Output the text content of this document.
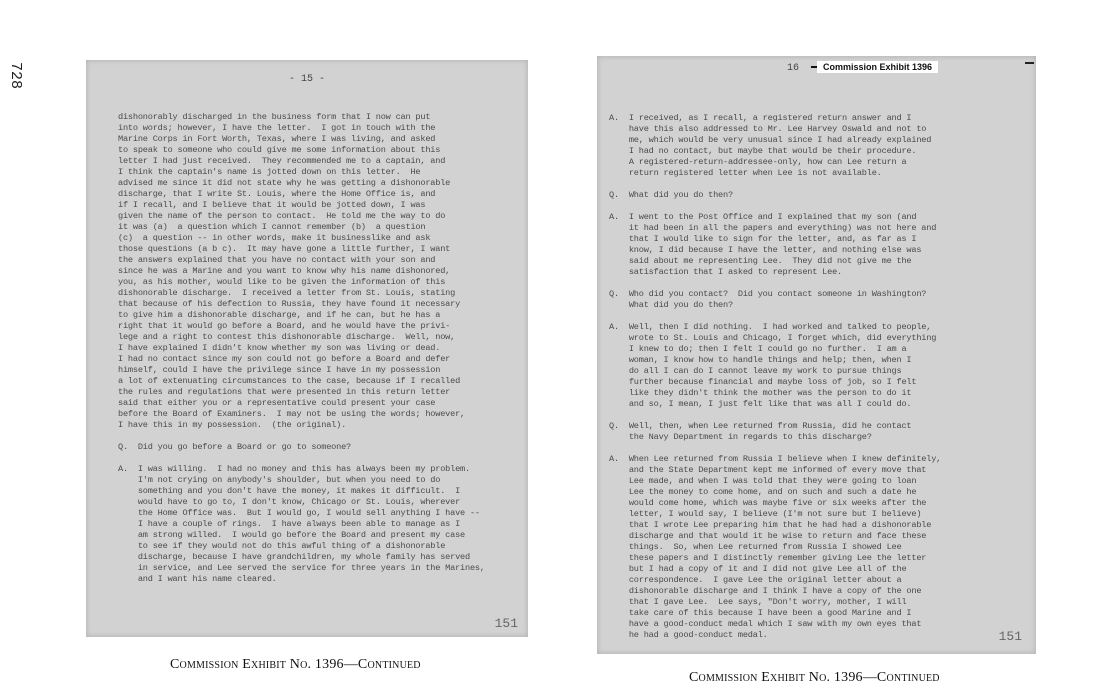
728	- 15 -
dishonorably discharged in the business form that I now can put
into words; however, I have the letter.  I got in touch with the
Marine Corps in Fort Worth, Texas, where I was living, and asked
to speak to someone who could give me some information about this
letter I had just received.  They recommended me to a captain, and
I think the captain's name is jotted down on this letter.  He
advised me since it did not state why he was getting a dishonorable
discharge, that I write St. Louis, where the Home Office is, and
if I recall, and I believe that it would be jotted down, I was
given the name of the person to contact.  He told me the way to do
it was (a)  a question which I cannot remember (b)  a question
(c)  a question -- in other words, make it businesslike and ask
those questions (a b c).  It may have gone a little further, I want
the answers explained that you have no contact with your son and
since he was a Marine and you want to know why his name dishonored,
you, as his mother, would like to be given the information of this
dishonorable discharge.  I received a letter from St. Louis, stating
that because of his defection to Russia, they have found it necessary
to give him a dishonorable discharge, and if he can, but he has a
right that it would go before a Board, and he would have the privi-
lege and a right to contest this dishonorable discharge.  Well, now,
I have explained I didn't know whether my son was living or dead.
I had no contact since my son could not go before a Board and defer
himself, could I have the privilege since I have in my possession
a lot of extenuating circumstances to the case, because if I recalled
the rules and regulations that were presented in this return letter
said that either you or a representative could present your case
before the Board of Examiners.  I may not be using the words; however,
I have this in my possession.  (the original).

Q.  Did you go before a Board or go to someone?

A.  I was willing.  I had no money and this has always been my problem.
I'm not crying on anybody's shoulder, but when you need to do
something and you don't have the money, it makes it difficult.  I
would have to go to, I don't know, Chicago or St. Louis, wherever
the Home Office was.  But I would go, I would sell anything I have --
I have a couple of rings.  I have always been able to manage as I
am strong willed.  I would go before the Board and present my case
to see if they would not do this awful thing of a dishonorable
discharge, because I have grandchildren, my whole family has served
in service, and Lee served the service for three years in the Marines,
and I want his name cleared.
151
16	Commission Exhibit 1396
A.  I received, as I recall, a registered return answer and I
have this also addressed to Mr. Lee Harvey Oswald and not to
me, which would be very unusual since I had already explained
I had no contact, but maybe that would be their procedure.
A registered-return-addressee-only, how can Lee return a
return registered letter when Lee is not available.

Q.  What did you do then?

A.  I went to the Post Office and I explained that my son (and
it had been in all the papers and everything) was not here and
that I would like to sign for the letter, and, as far as I
know, I did because I have the letter, and nothing else was
said about me representing Lee.  They did not give me the
satisfaction that I asked to represent Lee.

Q.  Who did you contact?  Did you contact someone in Washington?
What did you do then?

A.  Well, then I did nothing.  I had worked and talked to people,
wrote to St. Louis and Chicago, I forget which, did everything
I knew to do; then I felt I could go no further.  I am a
woman, I know how to handle things and help; then, when I
do all I can do I cannot leave my work to pursue things
further because financial and maybe loss of job, so I felt
like they didn't think the mother was the person to do it
and so, I mean, I just felt like that was all I could do.

Q.  Well, then, when Lee returned from Russia, did he contact
the Navy Department in regards to this discharge?

A.  When Lee returned from Russia I believe when I knew definitely,
and the State Department kept me informed of every move that
Lee made, and when I was told that they were going to loan
Lee the money to come home, and on such and such a date he
would come home, which was maybe five or six weeks after the
letter, I would say, I believe (I'm not sure but I believe)
that I wrote Lee preparing him that he had had a dishonorable
discharge and that would it be wise to return and face these
things.  So, when Lee returned from Russia I showed Lee
these papers and I distinctly remember giving Lee the letter
but I had a copy of it and I did not give Lee all of the
correspondence.  I gave Lee the original letter about a
dishonorable discharge and I think I have a copy of the one
that I gave Lee.  Lee says, "Don't worry, mother, I will
take care of this because I have been a good Marine and I
have a good-conduct medal which I saw with my own eyes that
he had a good-conduct medal.	151
Commission Exhibit No. 1396—Continued
Commission Exhibit No. 1396—Continued
